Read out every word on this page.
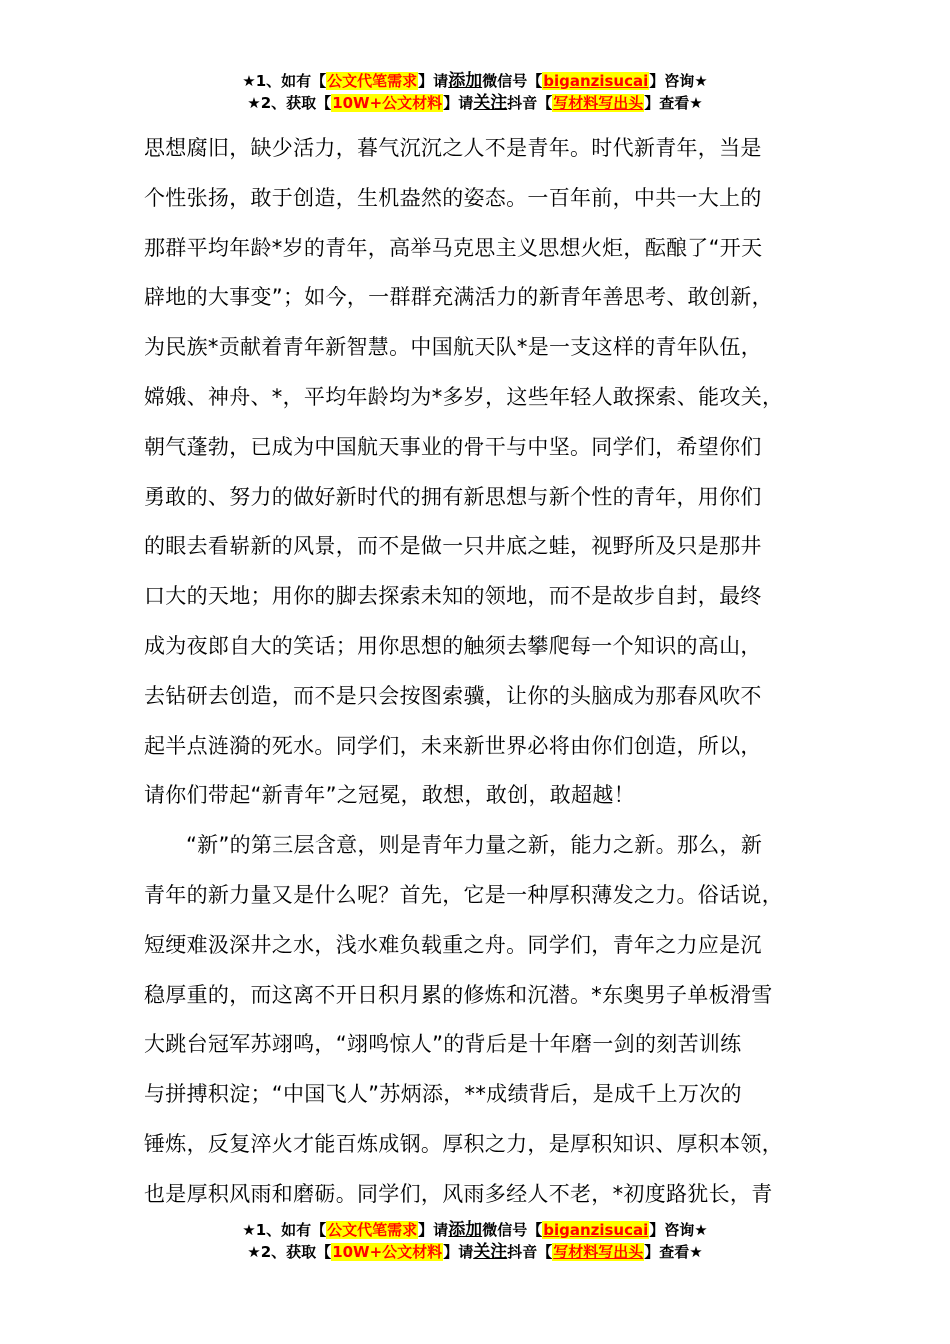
★1、如有【公文代笔需求】请添加微信号【biganzisucai】咨询★
★2、获取【10W+公文材料】请关注抖音【写材料写出头】查看★
思想腐旧，缺少活力，暮气沉沉之人不是青年。时代新青年，当是
个性张扬，敢于创造，生机盎然的姿态。一百年前，中共一大上的
那群平均年龄*岁的青年，高举马克思主义思想火炬，酝酿了“开天
辟地的大事变”；如今，一群群充满活力的新青年善思考、敢创新，
为民族*贡献着青年新智慧。中国航天队*是一支这样的青年队伍，
嫦娥、神舟、*，平均年龄均为*多岁，这些年轻人敢探索、能攻关，
朝气蓬勃，已成为中国航天事业的骨干与中坚。同学们，希望你们
勇敢的、努力的做好新时代的拥有新思想与新个性的青年，用你们
的眼去看崭新的风景，而不是做一只井底之蛙，视野所及只是那井
口大的天地；用你的脚去探索未知的领地，而不是故步自封，最终
成为夜郎自大的笑话；用你思想的触须去攀爬每一个知识的高山，
去钻研去创造，而不是只会按图索骥，让你的头脑成为那春风吹不
起半点涟漪的死水。同学们，未来新世界必将由你们创造，所以，
请你们带起“新青年”之冠冕，敢想，敢创，敢超越！
“新”的第三层含意，则是青年力量之新，能力之新。那么，新
青年的新力量又是什么呢？首先，它是一种厚积薄发之力。俗话说，
短绠难汲深井之水，浅水难负载重之舟。同学们，青年之力应是沉
稳厚重的，而这离不开日积月累的修炼和沉潜。*东奥男子单板滑雪
大跳台冠军苏翊鸣，“翊鸣惊人”的背后是十年磨一剑的刻苦训练
与拼搏积淀；“中国飞人”苏炳添，**成绩背后，是成千上万次的
锤炼，反复淬火才能百炼成钢。厚积之力，是厚积知识、厚积本领，
也是厚积风雨和磨砺。同学们，风雨多经人不老，*初度路犹长，青
★1、如有【公文代笔需求】请添加微信号【biganzisucai】咨询★
★2、获取【10W+公文材料】请关注抖音【写材料写出头】查看★
